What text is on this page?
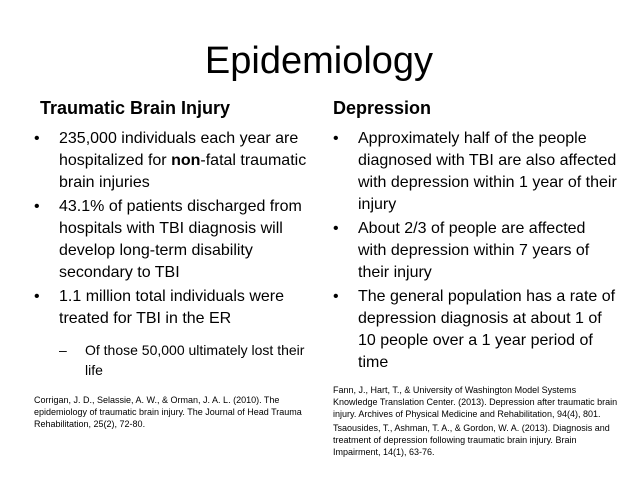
Epidemiology
Traumatic Brain Injury
• 235,000 individuals each year are hospitalized for non-fatal traumatic brain injuries
• 43.1% of patients discharged from hospitals with TBI diagnosis will develop long-term disability secondary to TBI
• 1.1 million total individuals were treated for TBI in the ER
– Of those 50,000 ultimately lost their life

Corrigan, J. D., Selassie, A. W., & Orman, J. A. L. (2010). The epidemiology of traumatic brain injury. The Journal of Head Trauma Rehabilitation, 25(2), 72-80.

Depression
• Approximately half of the people diagnosed with TBI are also affected with depression within 1 year of their injury
• About 2/3 of people are affected with depression within 7 years of their injury
• The general population has a rate of depression diagnosis at about 1 of 10 people over a 1 year period of time

Fann, J., Hart, T., & University of Washington Model Systems Knowledge Translation Center. (2013). Depression after traumatic brain injury. Archives of Physical Medicine and Rehabilitation, 94(4), 801.

Tsaousides, T., Ashman, T. A., & Gordon, W. A. (2013). Diagnosis and treatment of depression following traumatic brain injury. Brain Impairment, 14(1), 63-76.
